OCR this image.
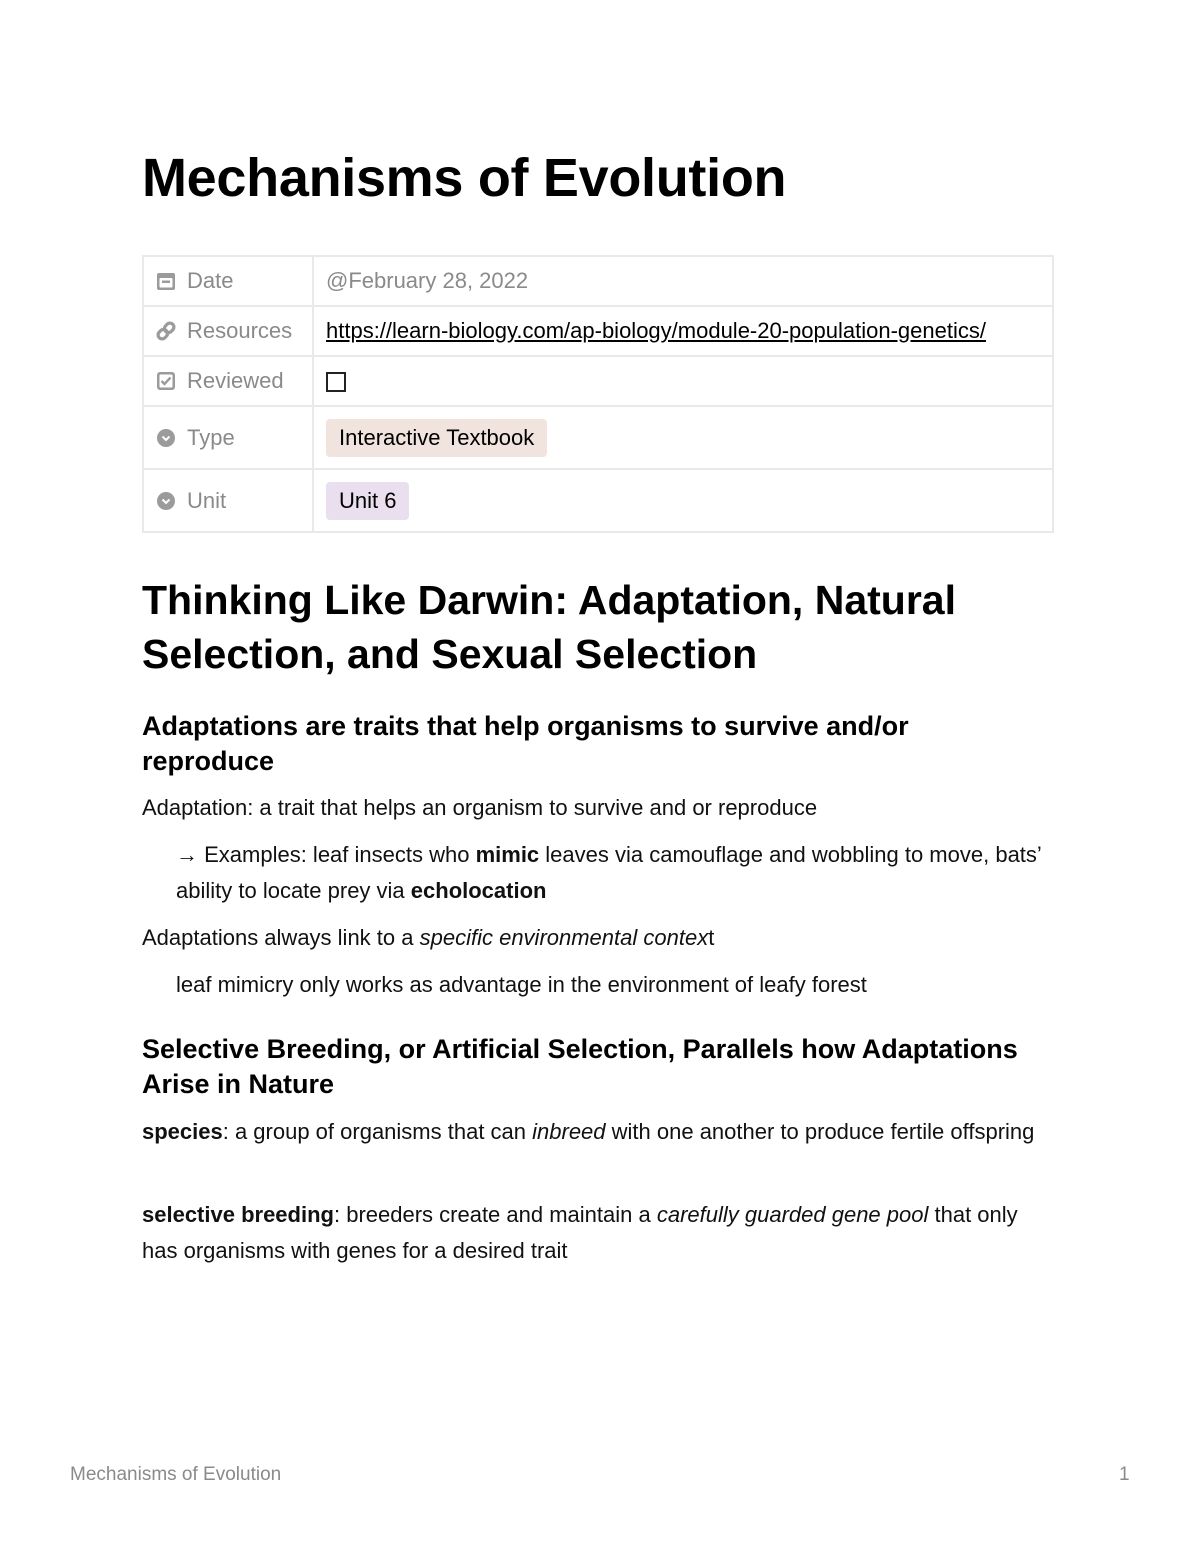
Mechanisms of Evolution
Date	@February 28, 2022

Resources	https://learn-biology.com/ap-biology/module-20-population-genetics/

Reviewed	

Type	Interactive Textbook

Unit	Unit 6
Thinking Like Darwin: Adaptation, Natural Selection, and Sexual Selection
Adaptations are traits that help organisms to survive and/or reproduce

Adaptation: a trait that helps an organism to survive and or reproduce

→ Examples: leaf insects who mimic leaves via camouflage and wobbling to move, bats’ ability to locate prey via echolocation

Adaptations always link to a specific environmental context

leaf mimicry only works as advantage in the environment of leafy forest

Selective Breeding, or Artificial Selection, Parallels how Adaptations Arise in Nature

species: a group of organisms that can inbreed with one another to produce fertile offspring

selective breeding: breeders create and maintain a carefully guarded gene pool that only has organisms with genes for a desired trait

Mechanisms of Evolution	1
